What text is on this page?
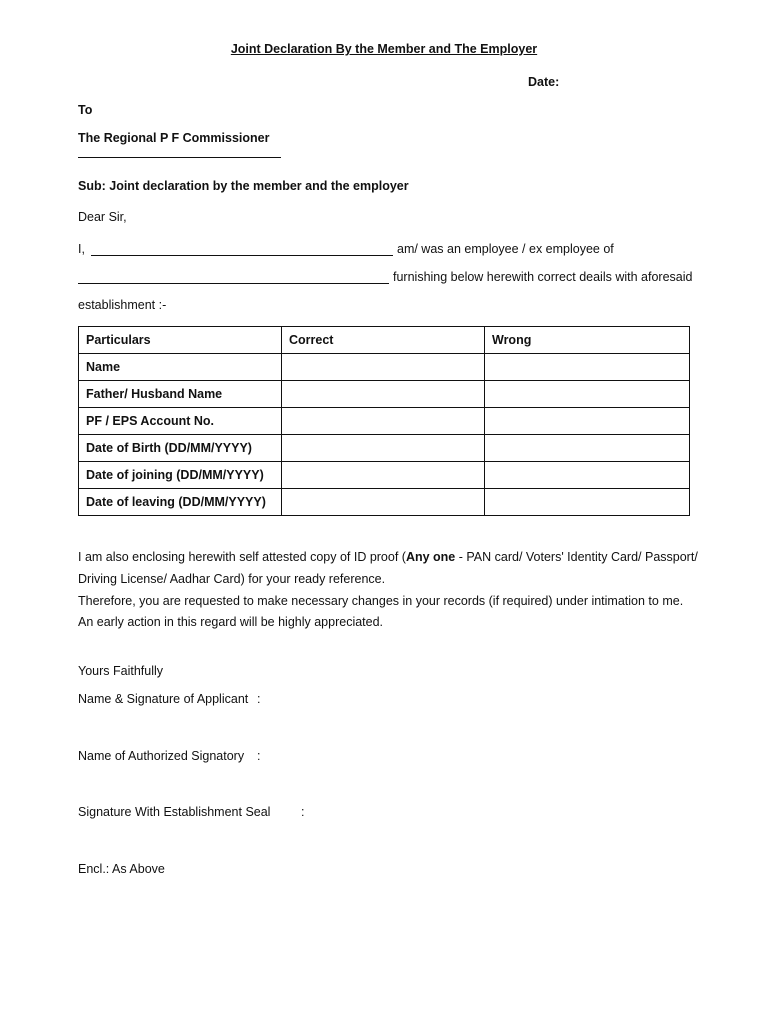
Joint Declaration By the Member and The Employer
Date:
To
The Regional P F Commissioner
Sub: Joint declaration by the member and the employer
Dear Sir,
I,	am/ was an employee / ex employee of
furnishing below herewith correct deails with aforesaid
establishment :-
Particulars	Correct	Wrong
Name		
Father/ Husband Name		
PF / EPS Account No.		
Date of Birth (DD/MM/YYYY)		
Date of joining (DD/MM/YYYY)		
Date of leaving (DD/MM/YYYY)		
I am also enclosing herewith self attested copy of ID proof (Any one - PAN card/ Voters' Identity Card/ Passport/
Driving License/ Aadhar Card) for your ready reference.
Therefore, you are requested to make necessary changes in your records (if required) under intimation to me.
An early action in this regard will be highly appreciated.
Yours Faithfully
Name & Signature of Applicant :
Name of Authorized Signatory :
Signature With Establishment Seal :
Encl.: As Above
